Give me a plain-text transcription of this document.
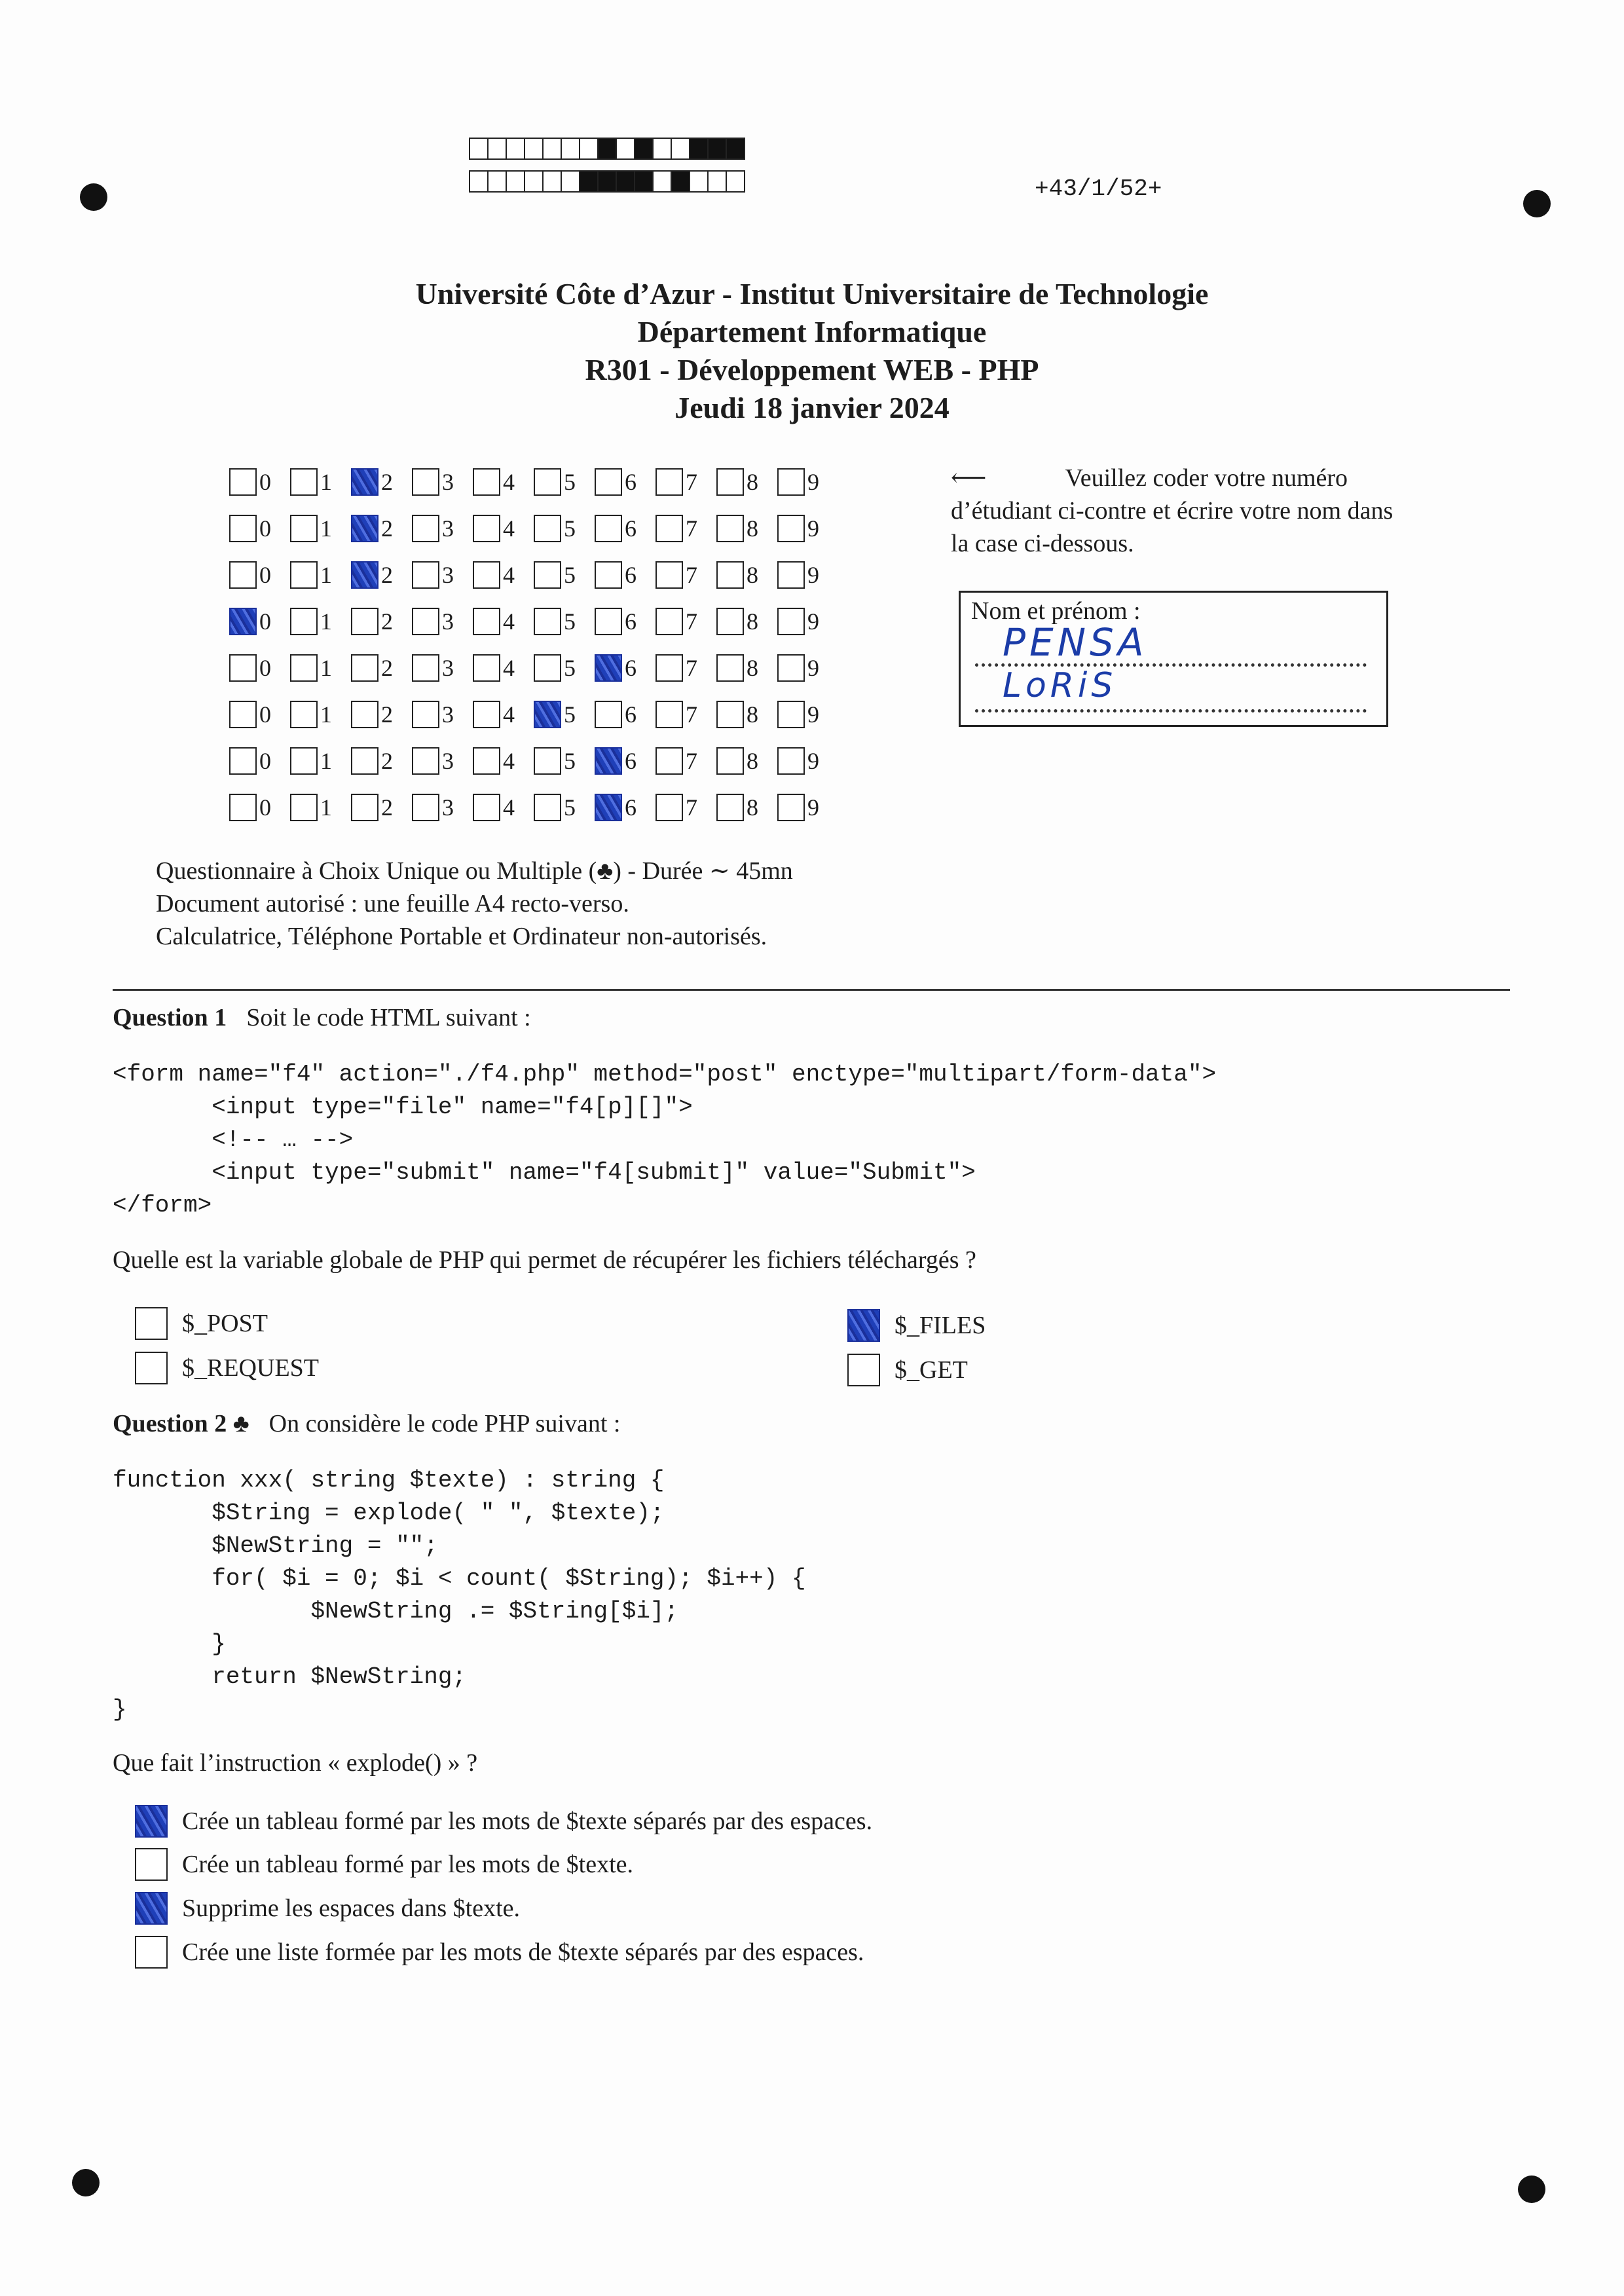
+43/1/52+
Université Côte d’Azur - Institut Universitaire de Technologie
Département Informatique
R301 - Développement WEB - PHP
Jeudi 18 janvier 2024
0 1 2 3 4 5 6 7 8 9
0 1 2 3 4 5 6 7 8 9
0 1 2 3 4 5 6 7 8 9
0 1 2 3 4 5 6 7 8 9
0 1 2 3 4 5 6 7 8 9
0 1 2 3 4 5 6 7 8 9
0 1 2 3 4 5 6 7 8 9
0 1 2 3 4 5 6 7 8 9
⟵	Veuillez coder votre numéro d’étudiant ci-contre et écrire votre nom dans la case ci-dessous.
Nom et prénom :
PENSA
LoRiS
Questionnaire à Choix Unique ou Multiple (♣) - Durée ∼ 45mn
Document autorisé : une feuille A4 recto-verso.
Calculatrice, Téléphone Portable et Ordinateur non-autorisés.
Question 1 Soit le code HTML suivant :
<form name="f4" action="./f4.php" method="post" enctype="multipart/form-data">
<input type="file" name="f4[p][]">
<!-- … -->
<input type="submit" name="f4[submit]" value="Submit">
</form>
Quelle est la variable globale de PHP qui permet de récupérer les fichiers téléchargés ?
$_POST
$_REQUEST
$_FILES
$_GET
Question 2 ♣ On considère le code PHP suivant :
function xxx( string $texte) : string {
$String = explode( " ", $texte);
$NewString = "";
for( $i = 0; $i < count( $String); $i++) {
$NewString .= $String[$i];
}
return $NewString;
}
Que fait l’instruction « explode() » ?
Crée un tableau formé par les mots de $texte séparés par des espaces.
Crée un tableau formé par les mots de $texte.
Supprime les espaces dans $texte.
Crée une liste formée par les mots de $texte séparés par des espaces.
